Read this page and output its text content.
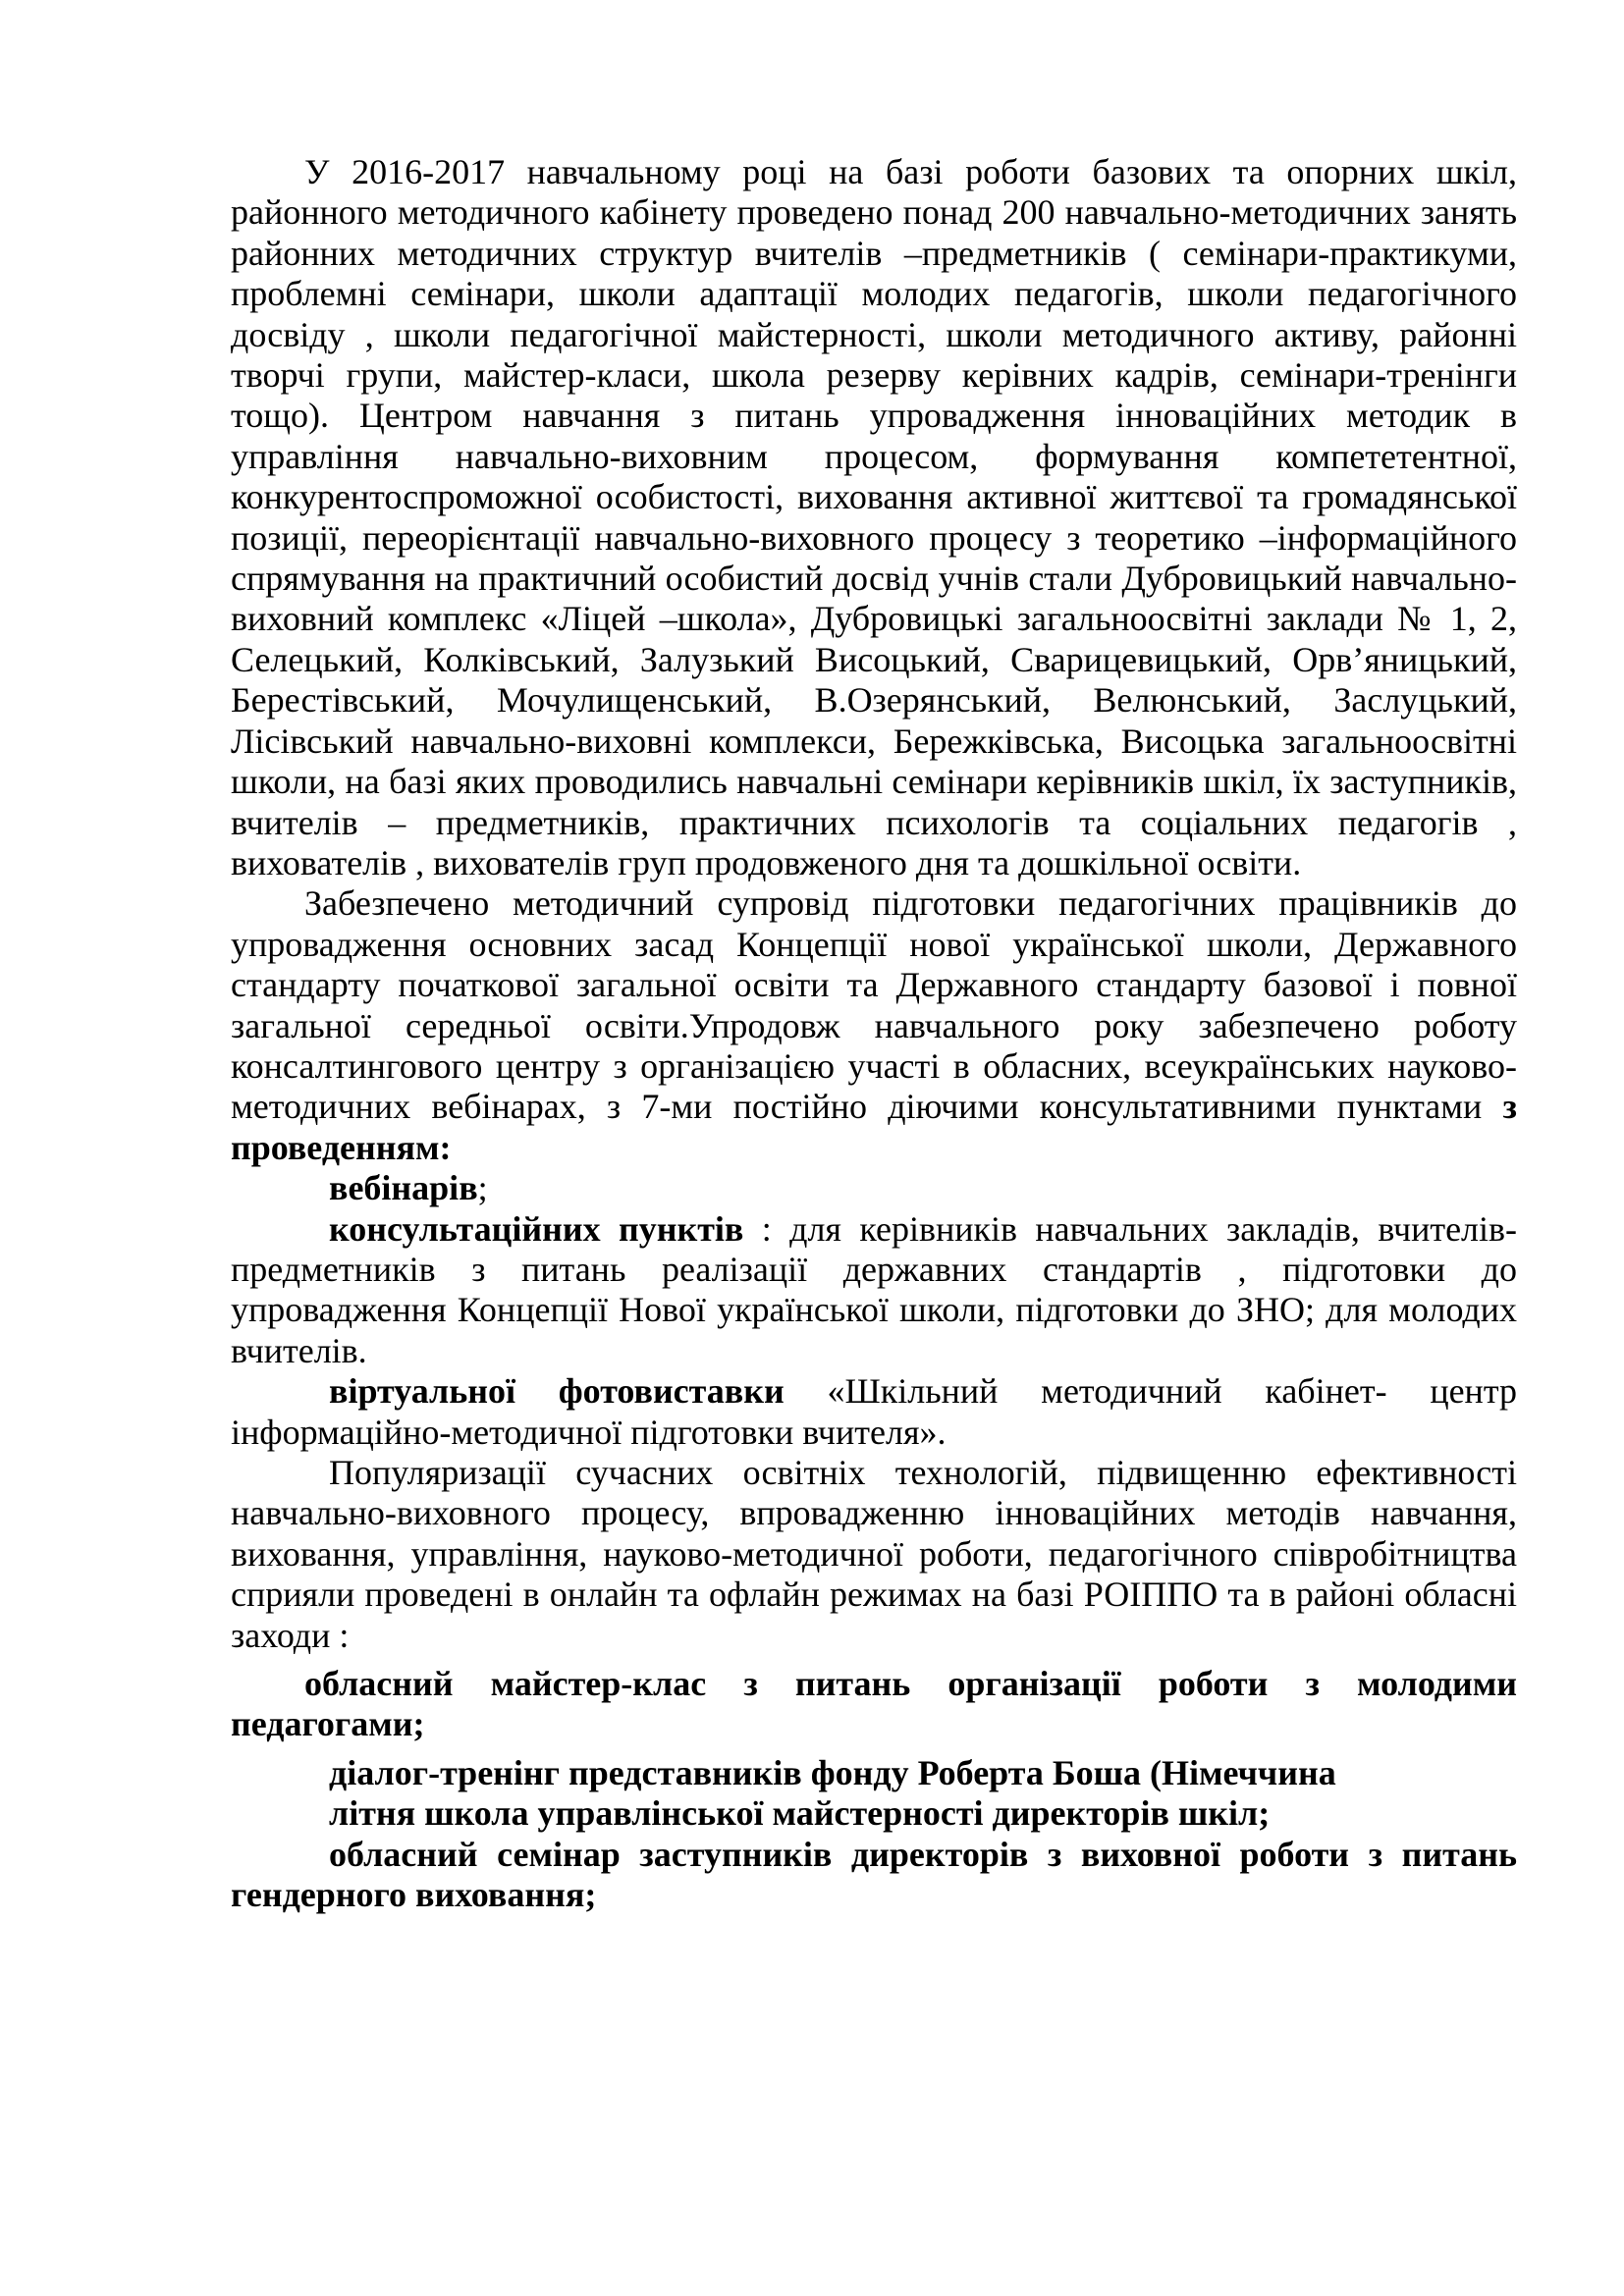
У 2016-2017 навчальному році на базі роботи базових та опорних шкіл, районного методичного кабінету проведено понад 200 навчально-методичних занять районних методичних структур вчителів –предметників ( семінари-практикуми, проблемні семінари, школи адаптації молодих педагогів, школи педагогічного досвіду , школи педагогічної майстерності, школи методичного активу, районні творчі групи, майстер-класи, школа резерву керівних кадрів, семінари-тренінги тощо). Центром навчання з питань упровадження інноваційних методик в управління навчально-виховним процесом, формування компететентної, конкурентоспроможної особистості, виховання активної життєвої та громадянської позиції, переорієнтації навчально-виховного процесу з теоретико –інформаційного спрямування на практичний особистий досвід учнів стали Дубровицький навчально-виховний комплекс «Ліцей –школа», Дубровицькі загальноосвітні заклади № 1, 2, Селецький, Колківський, Залузький Висоцький, Сварицевицький, Орв’яницький, Берестівський, Мочулищенський, В.Озерянський, Велюнський, Заслуцький, Лісівський навчально-виховні комплекси, Бережківська, Висоцька загальноосвітні школи, на базі яких проводились навчальні семінари керівників шкіл, їх заступників, вчителів – предметників, практичних психологів та соціальних педагогів , вихователів , вихователів груп продовженого дня та дошкільної освіти.

Забезпечено методичний супровід підготовки педагогічних працівників до упровадження основних засад Концепції нової української школи, Державного стандарту початкової загальної освіти та Державного стандарту базової і повної загальної середньої освіти.Упродовж навчального року забезпечено роботу консалтингового центру з організацією участі в обласних, всеукраїнських науково-методичних вебінарах, з 7-ми постійно діючими консультативними пунктами з проведенням:

вебінарів;

консультаційних пунктів : для керівників навчальних закладів, вчителів-предметників з питань реалізації державних стандартів , підготовки до упровадження Концепції Нової української школи, підготовки до ЗНО; для молодих вчителів.

віртуальної фотовиставки «Шкільний методичний кабінет- центр інформаційно-методичної підготовки вчителя».

Популяризації сучасних освітніх технологій, підвищенню ефективності навчально-виховного процесу, впровадженню інноваційних методів навчання, виховання, управління, науково-методичної роботи, педагогічного співробітництва сприяли проведені в онлайн та офлайн режимах на базі РОІППО та в районі обласні заходи :

обласний майстер-клас з питань організації роботи з молодими педагогами;

діалог-тренінг представників фонду Роберта Боша (Німеччина

літня школа управлінської майстерності директорів шкіл;

обласний семінар заступників директорів з виховної роботи з питань гендерного виховання;
